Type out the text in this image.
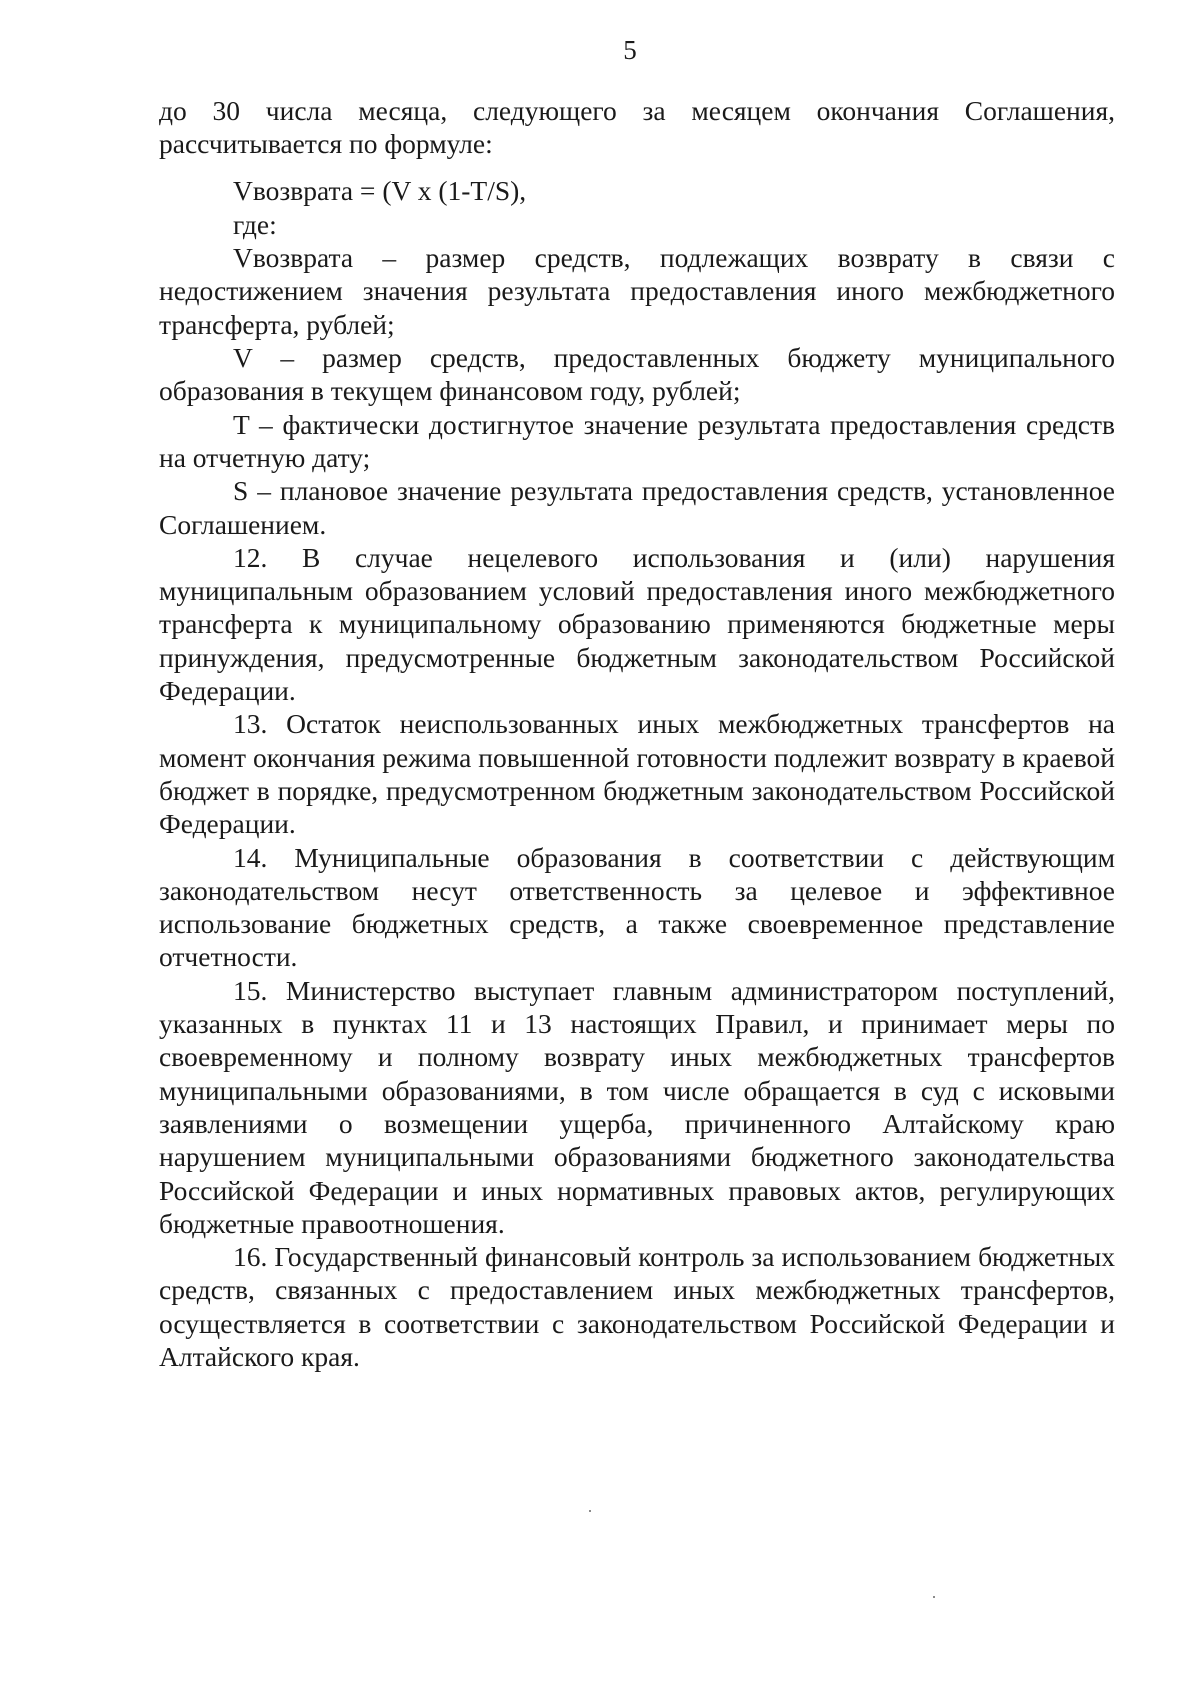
5

до 30 числа месяца, следующего за месяцем окончания Соглашения, рассчитывается по формуле:

Vвозврата = (V x (1-T/S),

где:

Vвозврата – размер средств, подлежащих возврату в связи с недостижением значения результата предоставления иного межбюджетного трансферта, рублей;

V – размер средств, предоставленных бюджету муниципального образования в текущем финансовом году, рублей;

T – фактически достигнутое значение результата предоставления средств на отчетную дату;

S – плановое значение результата предоставления средств, установленное Соглашением.

12. В случае нецелевого использования и (или) нарушения муниципальным образованием условий предоставления иного межбюджетного трансферта к муниципальному образованию применяются бюджетные меры принуждения, предусмотренные бюджетным законодательством Российской Федерации.

13. Остаток неиспользованных иных межбюджетных трансфертов на момент окончания режима повышенной готовности подлежит возврату в краевой бюджет в порядке, предусмотренном бюджетным законодательством Российской Федерации.

14. Муниципальные образования в соответствии с действующим законодательством несут ответственность за целевое и эффективное использование бюджетных средств, а также своевременное представление отчетности.

15. Министерство выступает главным администратором поступлений, указанных в пунктах 11 и 13 настоящих Правил, и принимает меры по своевременному и полному возврату иных межбюджетных трансфертов муниципальными образованиями, в том числе обращается в суд с исковыми заявлениями о возмещении ущерба, причиненного Алтайскому краю нарушением муниципальными образованиями бюджетного законодательства Российской Федерации и иных нормативных правовых актов, регулирующих бюджетные правоотношения.

16. Государственный финансовый контроль за использованием бюджетных средств, связанных с предоставлением иных межбюджетных трансфертов, осуществляется в соответствии с законодательством Российской Федерации и Алтайского края.
